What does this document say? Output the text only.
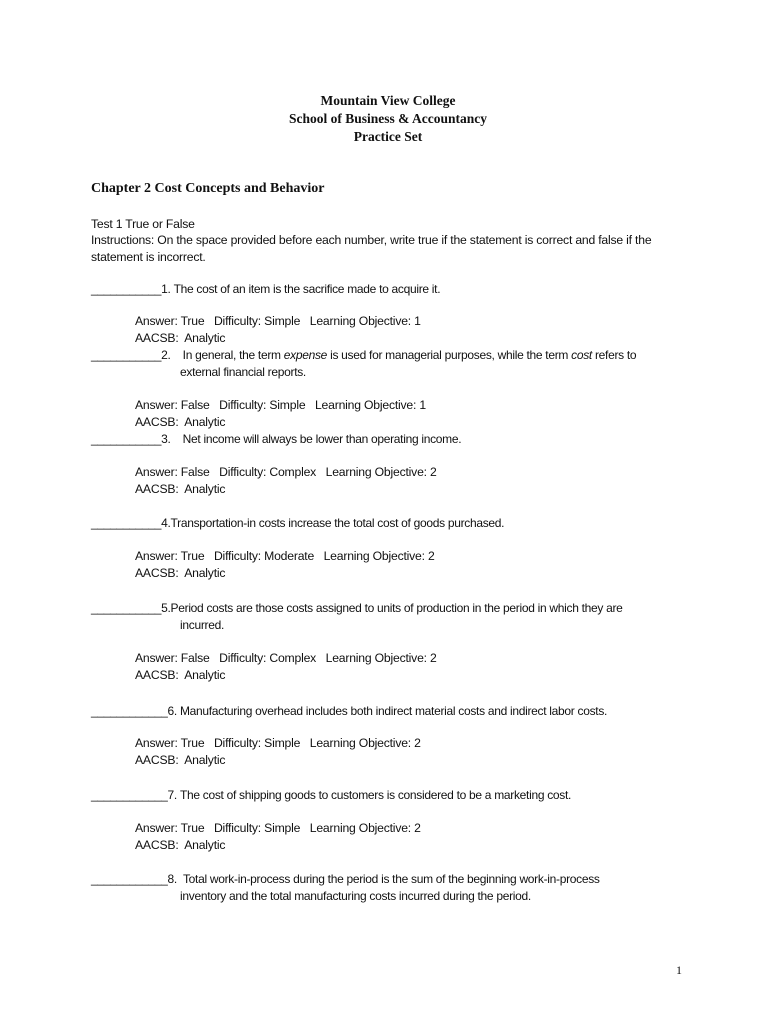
Mountain View College
School of Business & Accountancy
Practice Set
Chapter 2 Cost Concepts and Behavior
Test 1 True or False
Instructions: On the space provided before each number, write true if the statement is correct and false if the statement is incorrect.
___________ 1. The cost of an item is the sacrifice made to acquire it.
Answer: True   Difficulty: Simple   Learning Objective: 1
AACSB:  Analytic
___________ 2. In general, the term expense is used for managerial purposes, while the term cost refers to
external financial reports.
Answer: False   Difficulty: Simple   Learning Objective: 1
AACSB:  Analytic
___________ 3. Net income will always be lower than operating income.
Answer: False   Difficulty: Complex   Learning Objective: 2
AACSB:  Analytic
___________ 4. Transportation-in costs increase the total cost of goods purchased.
Answer: True   Difficulty: Moderate   Learning Objective: 2
AACSB:  Analytic
___________ 5. Period costs are those costs assigned to units of production in the period in which they are
incurred.
Answer: False   Difficulty: Complex   Learning Objective: 2
AACSB:  Analytic
____________ 6. Manufacturing overhead includes both indirect material costs and indirect labor costs.
Answer: True   Difficulty: Simple   Learning Objective: 2
AACSB:  Analytic
____________ 7. The cost of shipping goods to customers is considered to be a marketing cost.
Answer: True   Difficulty: Simple   Learning Objective: 2
AACSB:  Analytic
____________ 8. Total work-in-process during the period is the sum of the beginning work-in-process
inventory and the total manufacturing costs incurred during the period.
1
